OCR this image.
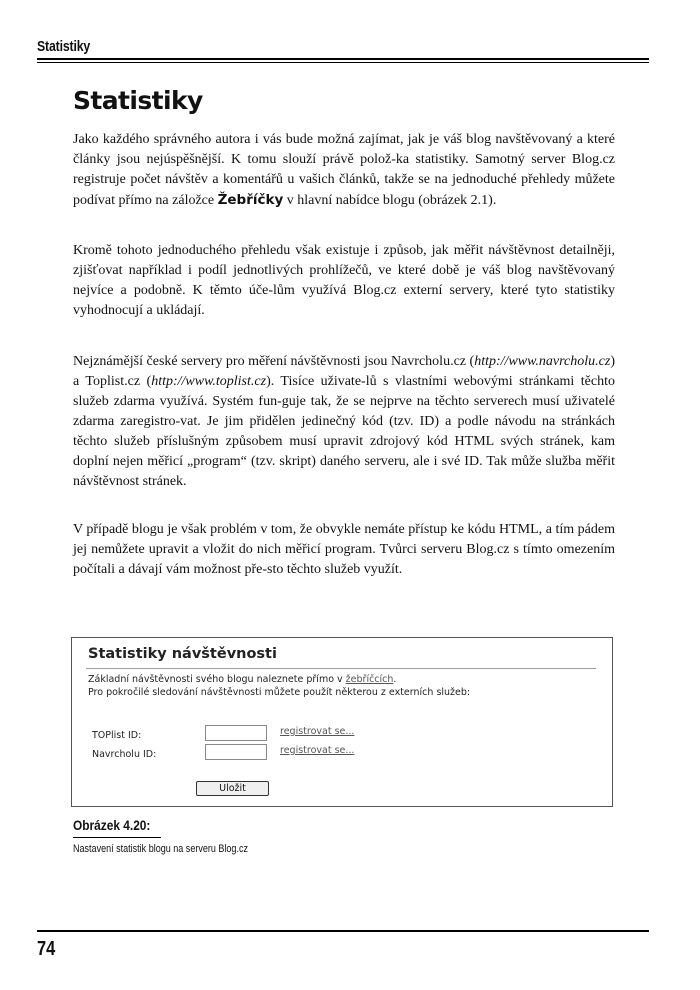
Statistiky
Statistiky

Jako každého správného autora i vás bude možná zajímat, jak je váš blog navštěvovaný a které články jsou nejúspěšnější. K tomu slouží právě polož-ka statistiky. Samotný server Blog.cz registruje počet návštěv a komentářů u vašich článků, takže se na jednoduché přehledy můžete podívat přímo na záložce Žebříčky v hlavní nabídce blogu (obrázek 2.1).

Kromě tohoto jednoduchého přehledu však existuje i způsob, jak měřit návštěvnost detailněji, zjišťovat například i podíl jednotlivých prohlížečů, ve které době je váš blog navštěvovaný nejvíce a podobně. K těmto úče-lům využívá Blog.cz externí servery, které tyto statistiky vyhodnocují a ukládají.

Nejznámější české servery pro měření návštěvnosti jsou Navrcholu.cz (http://www.navrcholu.cz) a Toplist.cz (http://www.toplist.cz). Tisíce uživate-lů s vlastními webovými stránkami těchto služeb zdarma využívá. Systém fun-guje tak, že se nejprve na těchto serverech musí uživatelé zdarma zaregistro-vat. Je jim přidělen jedinečný kód (tzv. ID) a podle návodu na stránkách těchto služeb příslušným způsobem musí upravit zdrojový kód HTML svých stránek, kam doplní nejen měřicí „program“ (tzv. skript) daného serveru, ale i své ID. Tak může služba měřit návštěvnost stránek.

V případě blogu je však problém v tom, že obvykle nemáte přístup ke kódu HTML, a tím pádem jej nemůžete upravit a vložit do nich měřicí program. Tvůrci serveru Blog.cz s tímto omezením počítali a dávají vám možnost pře-sto těchto služeb využít.

Statistiky návštěvnosti
Základní návštěvnosti svého blogu naleznete přímo v žebříčcích.
Pro pokročilé sledování návštěvnosti můžete použít některou z externích služeb:
TOPlist ID:	registrovat se...
Navrcholu ID:	registrovat se...
Uložit
Obrázek 4.20:
Nastavení statistik blogu na serveru Blog.cz
74
